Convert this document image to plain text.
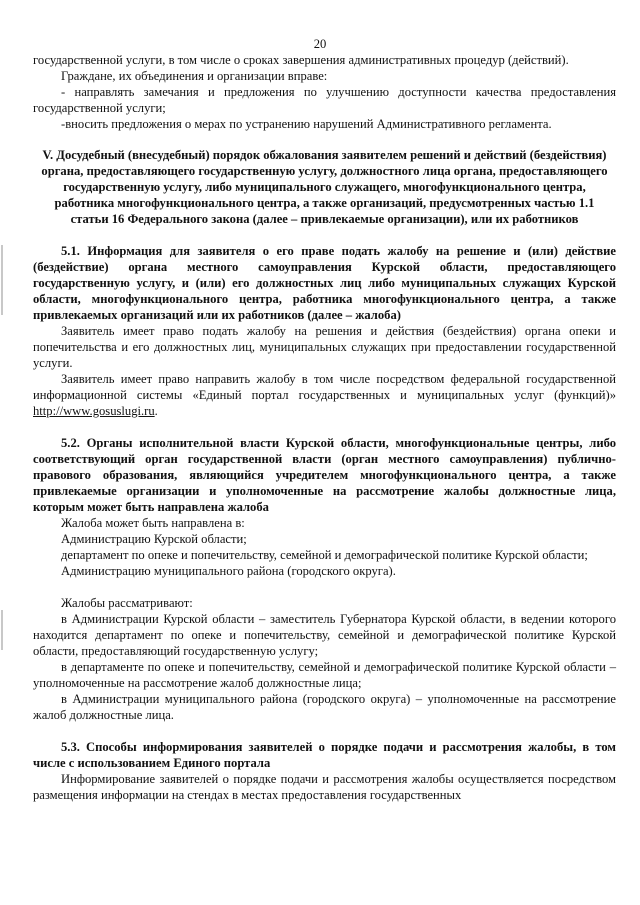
20

государственной услуги, в том числе о сроках завершения административных процедур (действий).

Граждане, их объединения и организации вправе:

- направлять замечания и предложения по улучшению доступности качества предоставления государственной услуги;

-вносить предложения о мерах по устранению нарушений Административного регламента.

V. Досудебный (внесудебный) порядок обжалования заявителем решений и действий (бездействия) органа, предоставляющего государственную услугу, должностного лица органа, предоставляющего государственную услугу, либо муниципального служащего, многофункционального центра, работника многофункционального центра, а также организаций, предусмотренных частью 1.1 статьи 16 Федерального закона (далее – привлекаемые организации), или их работников

5.1. Информация для заявителя о его праве подать жалобу на решение и (или) действие (бездействие) органа местного самоуправления Курской области, предоставляющего государственную услугу, и (или) его должностных лиц либо муниципальных служащих Курской области, многофункционального центра, работника многофункционального центра, а также привлекаемых организаций или их работников (далее – жалоба)

Заявитель имеет право подать жалобу на решения и действия (бездействия) органа опеки и попечительства и его должностных лиц, муниципальных служащих при предоставлении государственной услуги.

Заявитель имеет право направить жалобу в том числе посредством федеральной государственной информационной системы «Единый портал государственных и муниципальных услуг (функций)» http://www.gosuslugi.ru.

5.2. Органы исполнительной власти Курской области, многофункциональные центры, либо соответствующий орган государственной власти (орган местного самоуправления) публично-правового образования, являющийся учредителем многофункционального центра, а также привлекаемые организации и уполномоченные на рассмотрение жалобы должностные лица, которым может быть направлена жалоба

Жалоба может быть направлена в:

Администрацию Курской области;

департамент по опеке и попечительству, семейной и демографической политике Курской области;

Администрацию муниципального района (городского округа).

Жалобы рассматривают:

в Администрации Курской области – заместитель Губернатора Курской области, в ведении которого находится департамент по опеке и попечительству, семейной и демографической политике Курской области, предоставляющий государственную услугу;

в департаменте по опеке и попечительству, семейной и демографической политике Курской области – уполномоченные на рассмотрение жалоб должностные лица;

в Администрации муниципального района (городского округа) – уполномоченные на рассмотрение жалоб должностные лица.

5.3. Способы информирования заявителей о порядке подачи и рассмотрения жалобы, в том числе с использованием Единого портала

Информирование заявителей о порядке подачи и рассмотрения жалобы осуществляется посредством размещения информации на стендах в местах предоставления государственных
